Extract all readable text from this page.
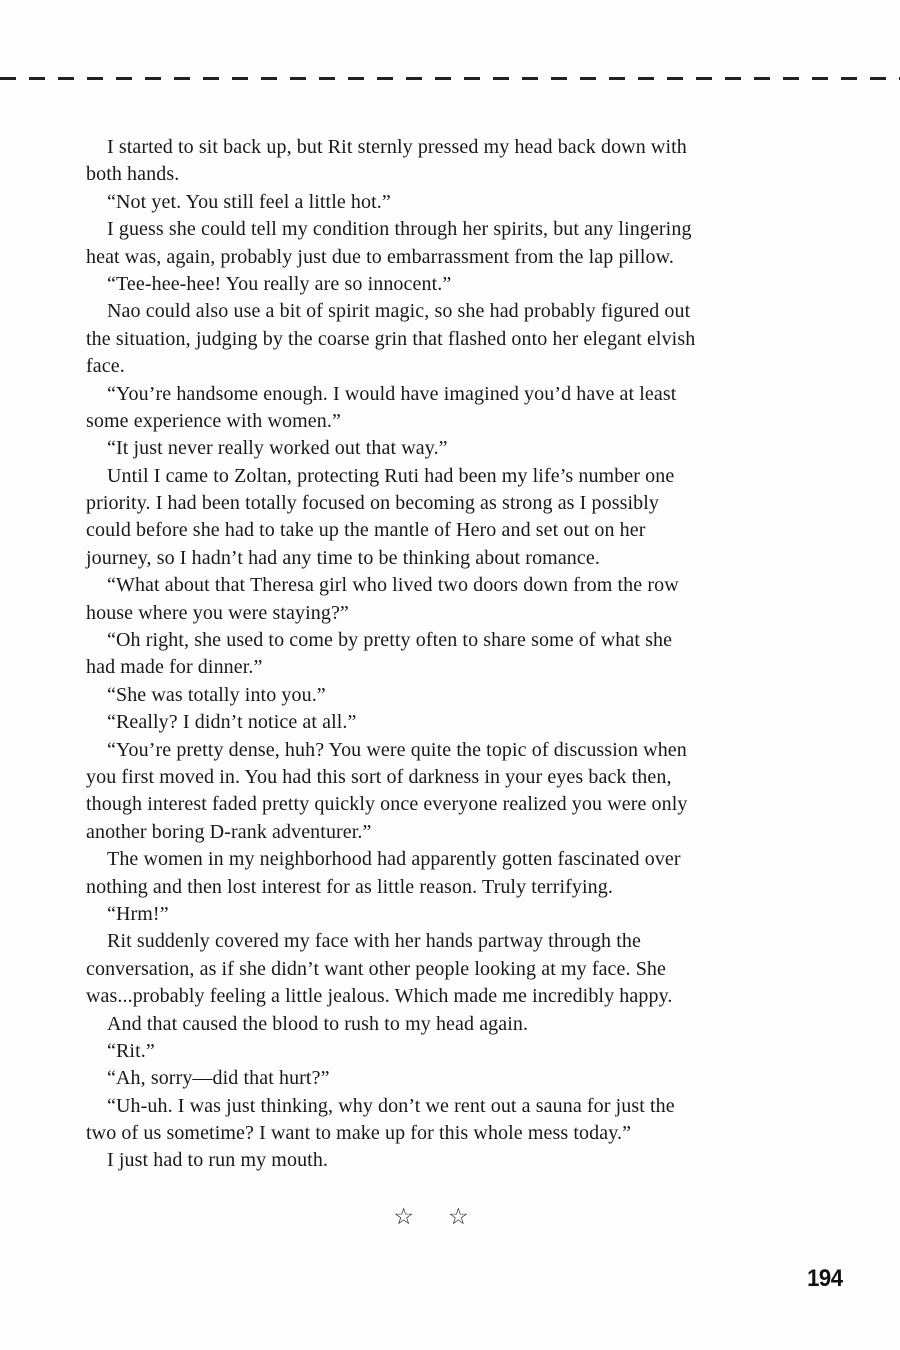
I started to sit back up, but Rit sternly pressed my head back down with
both hands.
“Not yet. You still feel a little hot.”
I guess she could tell my condition through her spirits, but any lingering
heat was, again, probably just due to embarrassment from the lap pillow.
“Tee-hee-hee! You really are so innocent.”
Nao could also use a bit of spirit magic, so she had probably figured out
the situation, judging by the coarse grin that flashed onto her elegant elvish
face.
“You’re handsome enough. I would have imagined you’d have at least
some experience with women.”
“It just never really worked out that way.”
Until I came to Zoltan, protecting Ruti had been my life’s number one
priority. I had been totally focused on becoming as strong as I possibly
could before she had to take up the mantle of Hero and set out on her
journey, so I hadn’t had any time to be thinking about romance.
“What about that Theresa girl who lived two doors down from the row
house where you were staying?”
“Oh right, she used to come by pretty often to share some of what she
had made for dinner.”
“She was totally into you.”
“Really? I didn’t notice at all.”
“You’re pretty dense, huh? You were quite the topic of discussion when
you first moved in. You had this sort of darkness in your eyes back then,
though interest faded pretty quickly once everyone realized you were only
another boring D-rank adventurer.”
The women in my neighborhood had apparently gotten fascinated over
nothing and then lost interest for as little reason. Truly terrifying.
“Hrm!”
Rit suddenly covered my face with her hands partway through the
conversation, as if she didn’t want other people looking at my face. She
was...probably feeling a little jealous. Which made me incredibly happy.
And that caused the blood to rush to my head again.
“Rit.”
“Ah, sorry—did that hurt?”
“Uh-uh. I was just thinking, why don’t we rent out a sauna for just the
two of us sometime? I want to make up for this whole mess today.”
I just had to run my mouth.
☆ ☆
194
